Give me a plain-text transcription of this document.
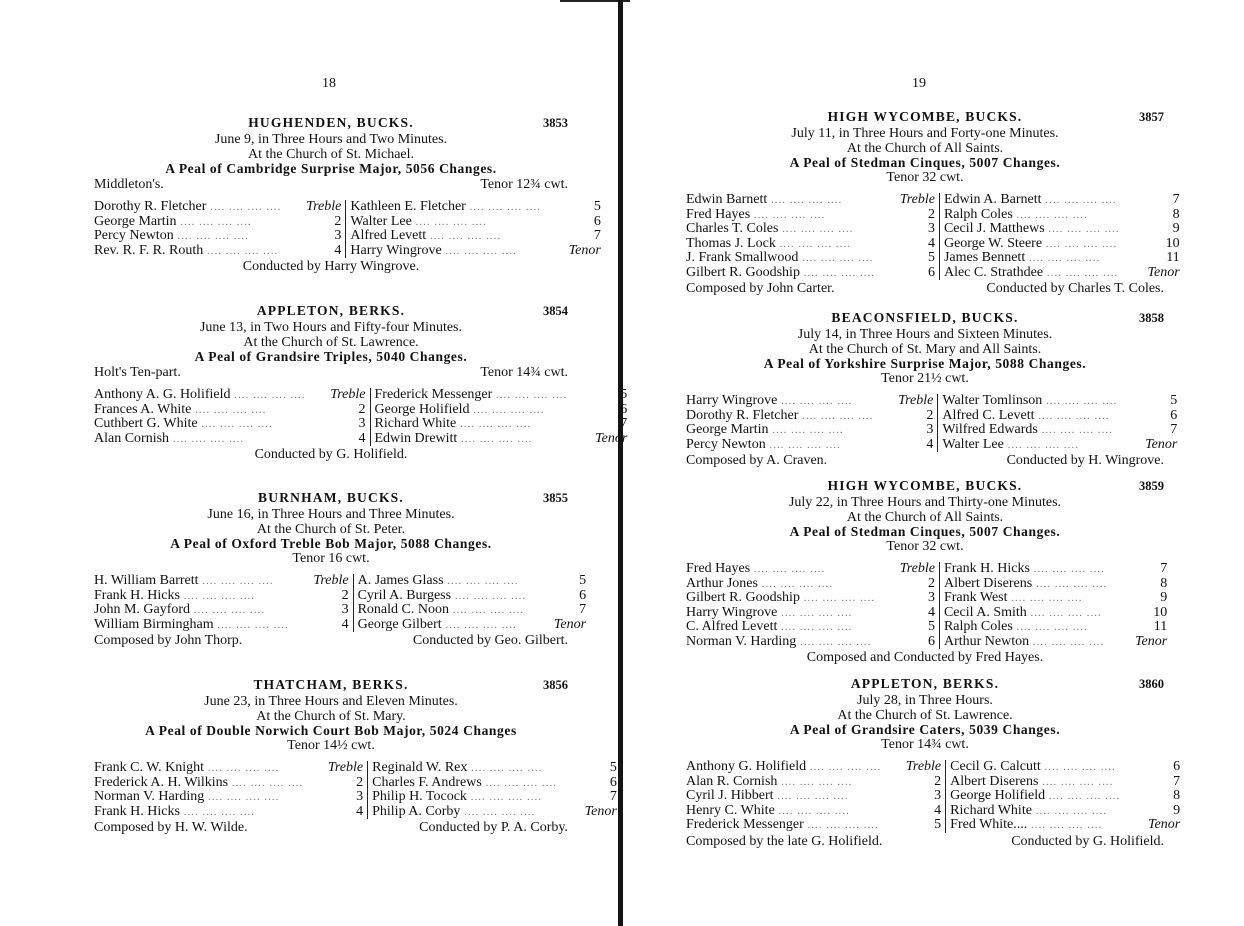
18
HUGHENDEN, BUCKS.	3853
June 9, in Three Hours and Two Minutes.
At the Church of St. Michael.
A Peal of Cambridge Surprise Major, 5056 Changes.
Middleton's.	Tenor 12¾ cwt.
Dorothy R. Fletcher ....	Treble
George Martin ....	2
Percy Newton ....	3
Rev. R. F. R. Routh ....	4
Kathleen E. Fletcher ....	5
Walter Lee ....	6
Alfred Levett ....	7
Harry Wingrove ....	Tenor
Conducted by Harry Wingrove.
APPLETON, BERKS.	3854
June 13, in Two Hours and Fifty-four Minutes.
At the Church of St. Lawrence.
A Peal of Grandsire Triples, 5040 Changes.
Holt's Ten-part.	Tenor 14¾ cwt.
Anthony A. G. Holifield ....	Treble
Frances A. White ....	2
Cuthbert G. White ....	3
Alan Cornish ....	4
Frederick Messenger ....	5
George Holifield ....	6
Richard White ....	7
Edwin Drewitt ....	Tenor
Conducted by G. Holifield.
BURNHAM, BUCKS.	3855
June 16, in Three Hours and Three Minutes.
At the Church of St. Peter.
A Peal of Oxford Treble Bob Major, 5088 Changes.
Tenor 16 cwt.
H. William Barrett ....	Treble
Frank H. Hicks ....	2
John M. Gayford ....	3
William Birmingham ....	4
A. James Glass ....	5
Cyril A. Burgess ....	6
Ronald C. Noon ....	7
George Gilbert ....	Tenor
Composed by John Thorp.	Conducted by Geo. Gilbert.
THATCHAM, BERKS.	3856
June 23, in Three Hours and Eleven Minutes.
At the Church of St. Mary.
A Peal of Double Norwich Court Bob Major, 5024 Changes
Tenor 14½ cwt.
Frank C. W. Knight ....	Treble
Frederick A. H. Wilkins ....	2
Norman V. Harding ....	3
Frank H. Hicks ....	4
Reginald W. Rex ....	5
Charles F. Andrews ....	6
Philip H. Tocock ....	7
Philip A. Corby ....	Tenor
Composed by H. W. Wilde.	Conducted by P. A. Corby.
19
HIGH WYCOMBE, BUCKS.	3857
July 11, in Three Hours and Forty-one Minutes.
At the Church of All Saints.
A Peal of Stedman Cinques, 5007 Changes.
Tenor 32 cwt.
Edwin Barnett ....	Treble
Fred Hayes ....	2
Charles T. Coles ....	3
Thomas J. Lock ....	4
J. Frank Smallwood ....	5
Gilbert R. Goodship ....	6
Edwin A. Barnett ....	7
Ralph Coles ....	8
Cecil J. Matthews ....	9
George W. Steere ....	10
James Bennett ....	11
Alec C. Strathdee ....	Tenor
Composed by John Carter.	Conducted by Charles T. Coles.
BEACONSFIELD, BUCKS.	3858
July 14, in Three Hours and Sixteen Minutes.
At the Church of St. Mary and All Saints.
A Peal of Yorkshire Surprise Major, 5088 Changes.
Tenor 21½ cwt.
Harry Wingrove ....	Treble
Dorothy R. Fletcher ....	2
George Martin ....	3
Percy Newton ....	4
Walter Tomlinson ....	5
Alfred C. Levett ....	6
Wilfred Edwards ....	7
Walter Lee ....	Tenor
Composed by A. Craven.	Conducted by H. Wingrove.
HIGH WYCOMBE, BUCKS.	3859
July 22, in Three Hours and Thirty-one Minutes.
At the Church of All Saints.
A Peal of Stedman Cinques, 5007 Changes.
Tenor 32 cwt.
Fred Hayes ....	Treble
Arthur Jones ....	2
Gilbert R. Goodship ....	3
Harry Wingrove ....	4
C. Alfred Levett ....	5
Norman V. Harding ....	6
Frank H. Hicks ....	7
Albert Diserens ....	8
Frank West ....	9
Cecil A. Smith ....	10
Ralph Coles ....	11
Arthur Newton ....	Tenor
Composed and Conducted by Fred Hayes.
APPLETON, BERKS.	3860
July 28, in Three Hours.
At the Church of St. Lawrence.
A Peal of Grandsire Caters, 5039 Changes.
Tenor 14¾ cwt.
Anthony G. Holifield ....	Treble
Alan R. Cornish ....	2
Cyril J. Hibbert ....	3
Henry C. White ....	4
Frederick Messenger ....	5
Cecil G. Calcutt ....	6
Albert Diserens ....	7
George Holifield ....	8
Richard White ....	9
Fred White.... ....	Tenor
Composed by the late G. Holifield.	Conducted by G. Holifield.
